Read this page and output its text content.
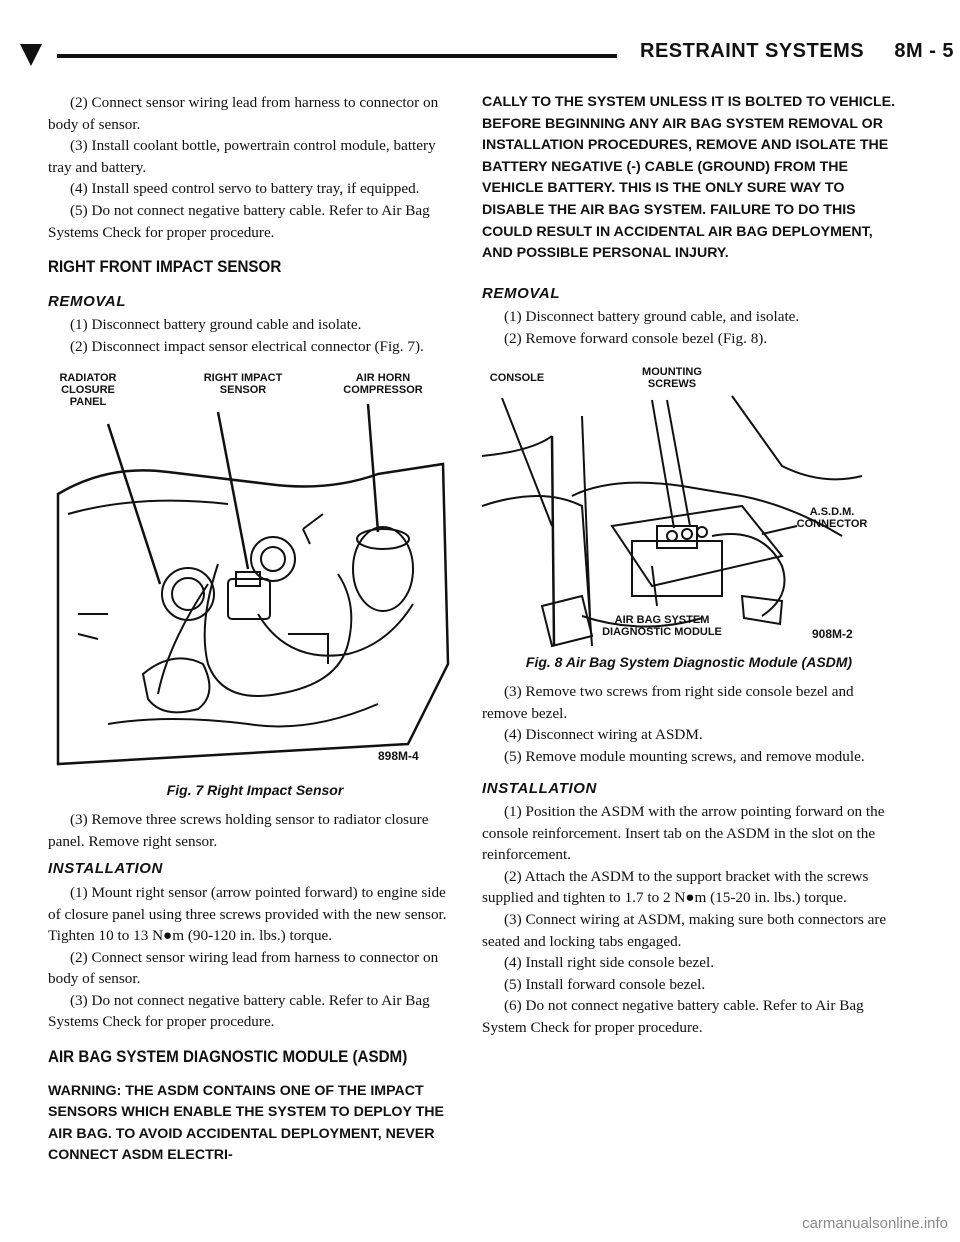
RESTRAINT SYSTEMS     8M - 5

(2) Connect sensor wiring lead from harness to connector on body of sensor.

(3) Install coolant bottle, powertrain control module, battery tray and battery.

(4) Install speed control servo to battery tray, if equipped.

(5) Do not connect negative battery cable. Refer to Air Bag Systems Check for proper procedure.

RIGHT FRONT IMPACT SENSOR
REMOVAL

(1) Disconnect battery ground cable and isolate.

(2) Disconnect impact sensor electrical connector (Fig. 7).

RADIATOR CLOSURE PANEL
RIGHT IMPACT SENSOR
AIR HORN COMPRESSOR
898M-4
Fig. 7 Right Impact Sensor

(3) Remove three screws holding sensor to radiator closure panel. Remove right sensor.

INSTALLATION

(1) Mount right sensor (arrow pointed forward) to engine side of closure panel using three screws provided with the new sensor. Tighten 10 to 13 N●m (90-120 in. lbs.) torque.

(2) Connect sensor wiring lead from harness to connector on body of sensor.

(3) Do not connect negative battery cable. Refer to Air Bag Systems Check for proper procedure.

AIR BAG SYSTEM DIAGNOSTIC MODULE (ASDM)

WARNING: THE ASDM CONTAINS ONE OF THE IMPACT SENSORS WHICH ENABLE THE SYSTEM TO DEPLOY THE AIR BAG. TO AVOID ACCIDENTAL DEPLOYMENT, NEVER CONNECT ASDM ELECTRI-

CALLY TO THE SYSTEM UNLESS IT IS BOLTED TO VEHICLE. BEFORE BEGINNING ANY AIR BAG SYSTEM REMOVAL OR INSTALLATION PROCEDURES, REMOVE AND ISOLATE THE BATTERY NEGATIVE (-) CABLE (GROUND) FROM THE VEHICLE BATTERY. THIS IS THE ONLY SURE WAY TO DISABLE THE AIR BAG SYSTEM. FAILURE TO DO THIS COULD RESULT IN ACCIDENTAL AIR BAG DEPLOYMENT, AND POSSIBLE PERSONAL INJURY.

REMOVAL

(1) Disconnect battery ground cable, and isolate.

(2) Remove forward console bezel (Fig. 8).

CONSOLE	MOUNTING SCREWS
A.S.D.M. CONNECTOR
AIR BAG SYSTEM DIAGNOSTIC MODULE	908M-2
Fig. 8 Air Bag System Diagnostic Module (ASDM)

(3) Remove two screws from right side console bezel and remove bezel.

(4) Disconnect wiring at ASDM.

(5) Remove module mounting screws, and remove module.

INSTALLATION

(1) Position the ASDM with the arrow pointing forward on the console reinforcement. Insert tab on the ASDM in the slot on the reinforcement.

(2) Attach the ASDM to the support bracket with the screws supplied and tighten to 1.7 to 2 N●m (15-20 in. lbs.) torque.

(3) Connect wiring at ASDM, making sure both connectors are seated and locking tabs engaged.

(4) Install right side console bezel.

(5) Install forward console bezel.

(6) Do not connect negative battery cable. Refer to Air Bag System Check for proper procedure.

carmanualsonline.info
